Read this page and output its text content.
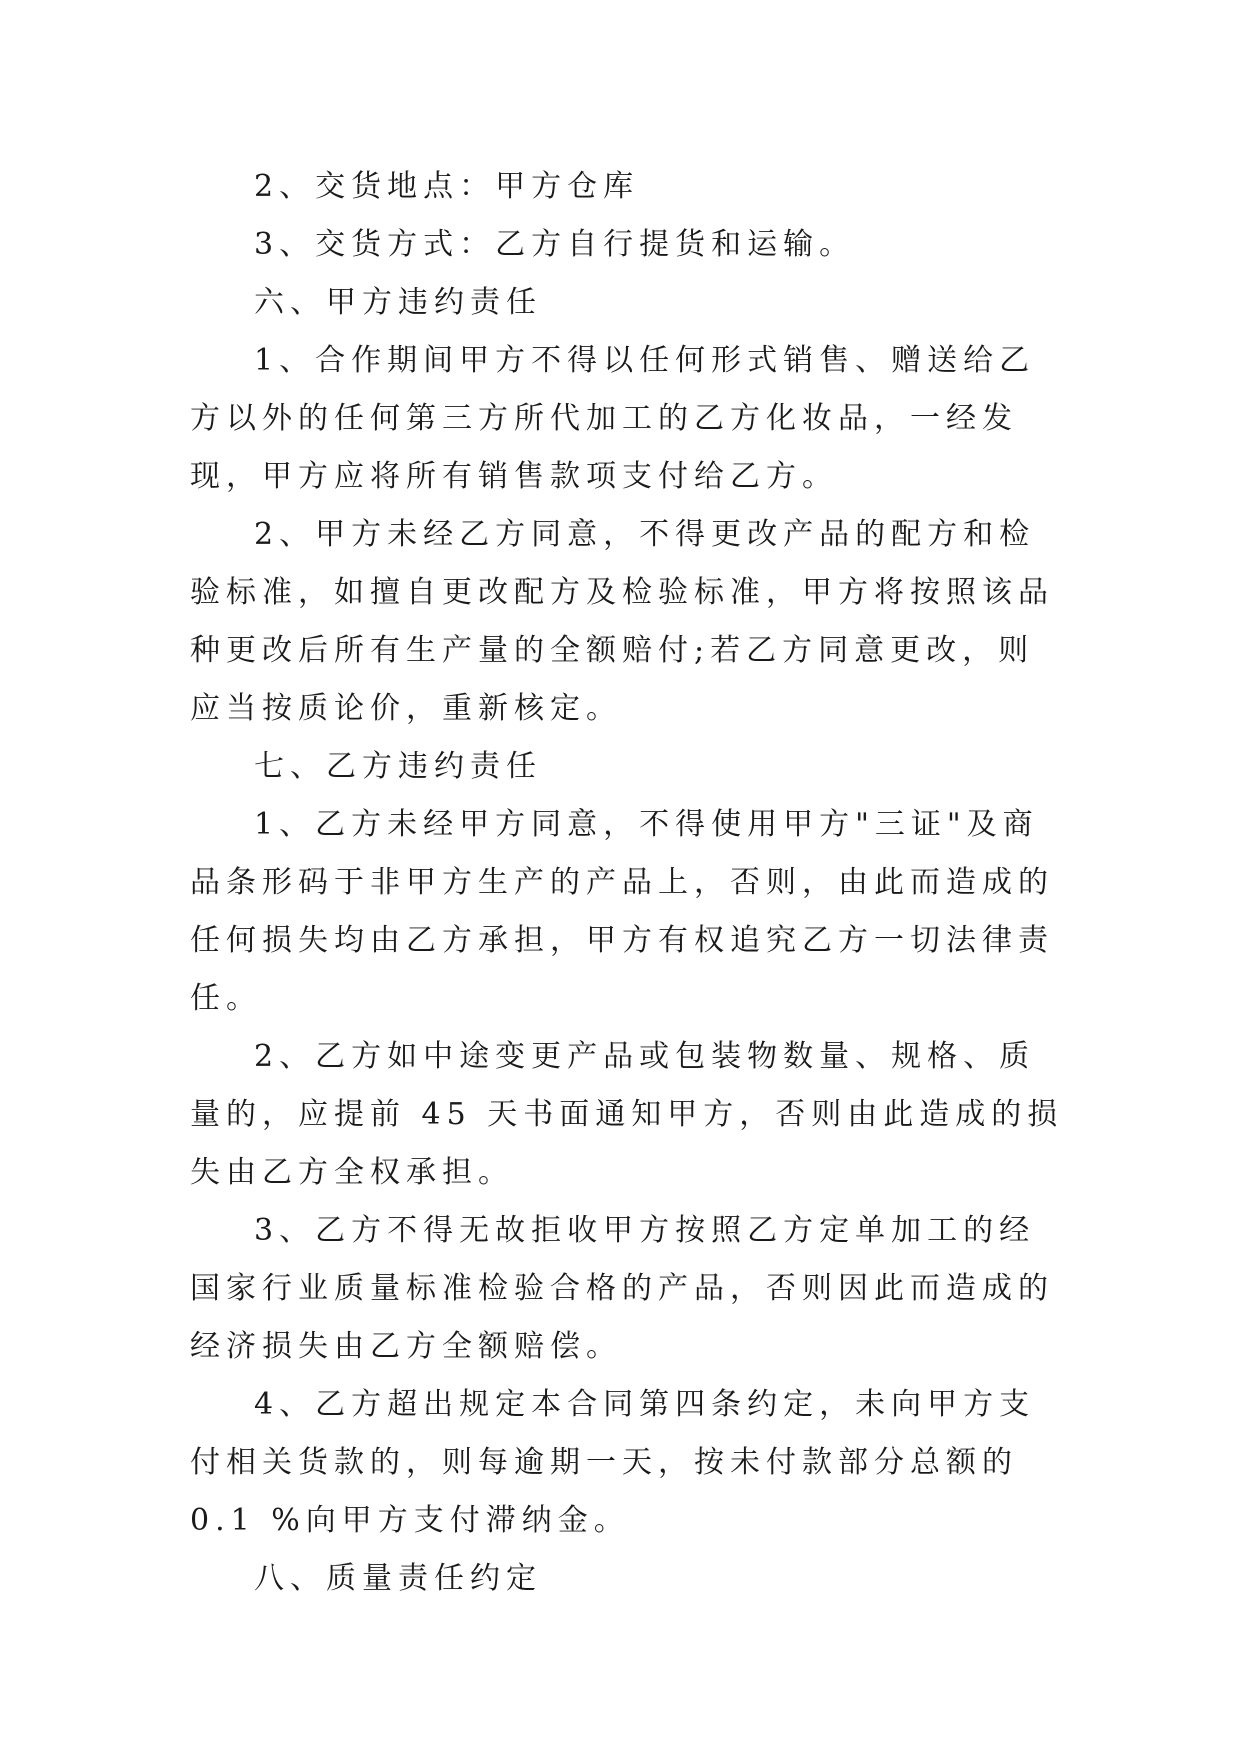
2、交货地点：甲方仓库

3、交货方式：乙方自行提货和运输。

六、甲方违约责任

1、合作期间甲方不得以任何形式销售、赠送给乙方以外的任何第三方所代加工的乙方化妆品，一经发现，甲方应将所有销售款项支付给乙方。

2、甲方未经乙方同意，不得更改产品的配方和检验标准，如擅自更改配方及检验标准，甲方将按照该品种更改后所有生产量的全额赔付;若乙方同意更改，则应当按质论价，重新核定。

七、乙方违约责任

1、乙方未经甲方同意，不得使用甲方"三证"及商品条形码于非甲方生产的产品上，否则，由此而造成的任何损失均由乙方承担，甲方有权追究乙方一切法律责任。

2、乙方如中途变更产品或包装物数量、规格、质量的，应提前 45 天书面通知甲方，否则由此造成的损失由乙方全权承担。

3、乙方不得无故拒收甲方按照乙方定单加工的经国家行业质量标准检验合格的产品，否则因此而造成的经济损失由乙方全额赔偿。

4、乙方超出规定本合同第四条约定，未向甲方支付相关货款的，则每逾期一天，按未付款部分总额的 0.1 %向甲方支付滞纳金。

八、质量责任约定
